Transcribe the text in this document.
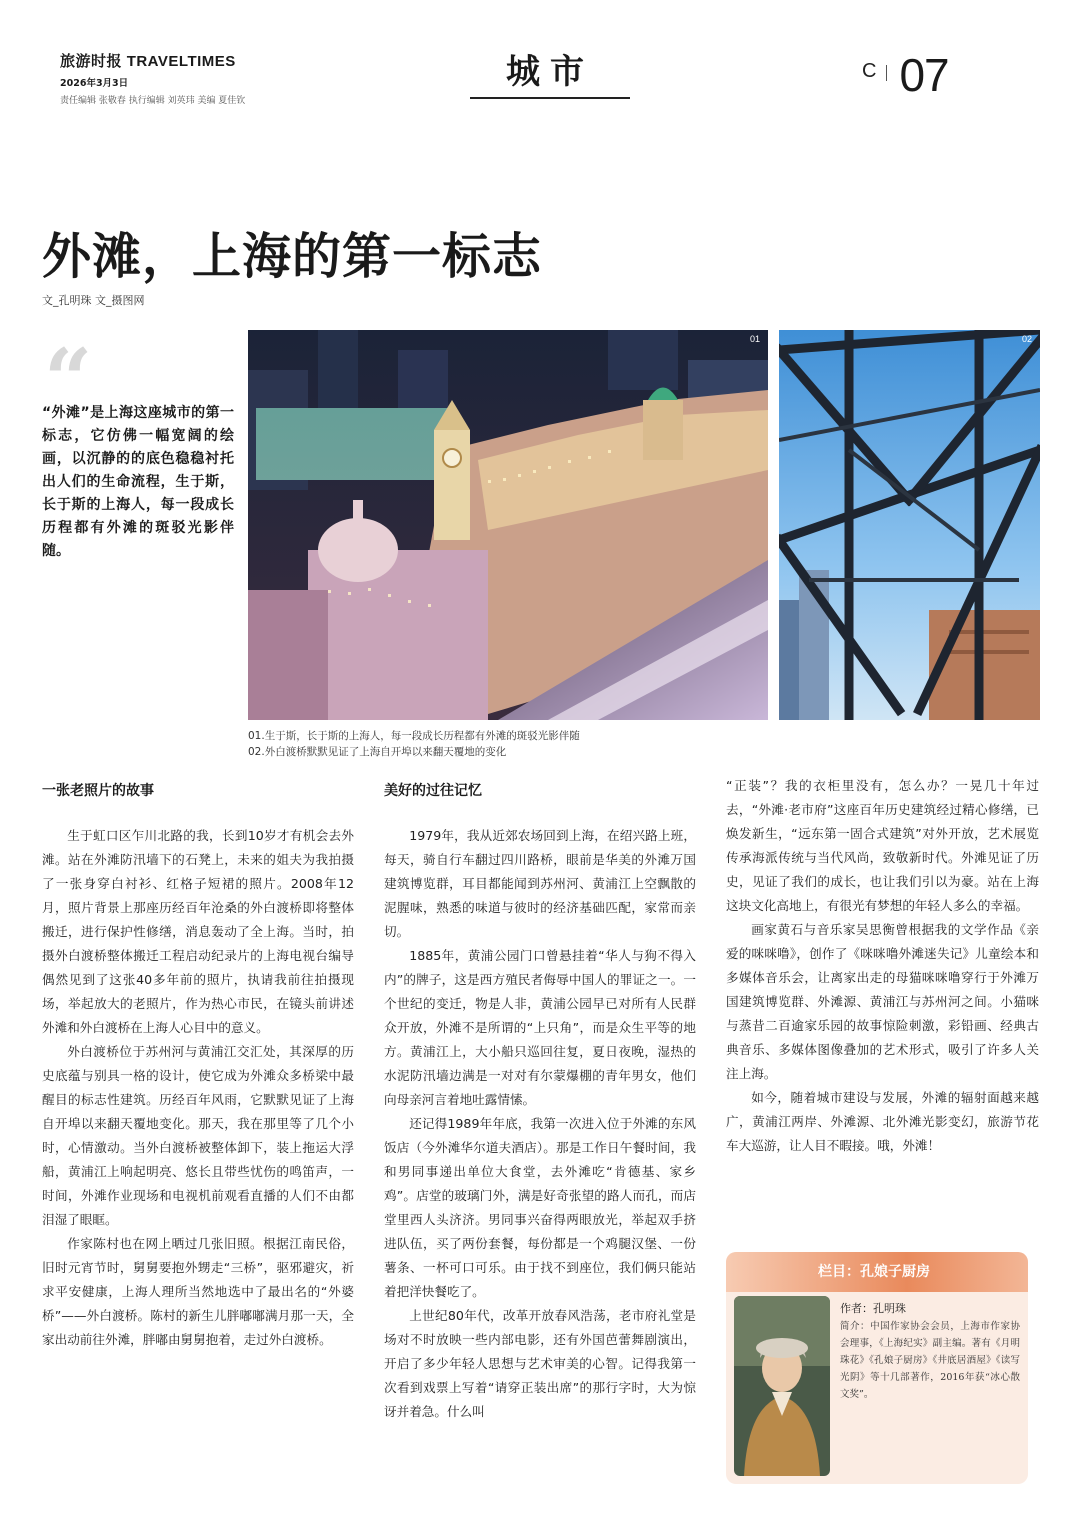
旅游时报 TRAVELTIMES
2026年3月3日
责任编辑 张敬春 执行编辑 刘英玮 美编 夏佳钦
城市	C 07
外滩，上海的第一标志
文_孔明珠 文_摄图网
“
“外滩”是上海这座城市的第一标志，它仿佛一幅宽阔的绘画，以沉静的的底色稳稳衬托出人们的生命流程，生于斯，长于斯的上海人，每一段成长历程都有外滩的斑驳光影伴随。
01	02
01.生于斯，长于斯的上海人，每一段成长历程都有外滩的斑驳光影伴随
02.外白渡桥默默见证了上海自开埠以来翻天覆地的变化
一张老照片的故事

生于虹口区乍川北路的我，长到10岁才有机会去外滩。站在外滩防汛墙下的石凳上，未来的姐夫为我拍摄了一张身穿白衬衫、红格子短裙的照片。2008年12月，照片背景上那座历经百年沧桑的外白渡桥即将整体搬迁，进行保护性修缮，消息轰动了全上海。当时，拍摄外白渡桥整体搬迁工程启动纪录片的上海电视台编导偶然见到了这张40多年前的照片，执请我前往拍摄现场，举起放大的老照片，作为热心市民，在镜头前讲述外滩和外白渡桥在上海人心目中的意义。

外白渡桥位于苏州河与黄浦江交汇处，其深厚的历史底蕴与别具一格的设计，使它成为外滩众多桥梁中最醒目的标志性建筑。历经百年风雨，它默默见证了上海自开埠以来翻天覆地变化。那天，我在那里等了几个小时，心情激动。当外白渡桥被整体卸下，装上拖运大浮船，黄浦江上响起明亮、悠长且带些忧伤的鸣笛声，一时间，外滩作业现场和电视机前观看直播的人们不由都泪湿了眼眶。

作家陈村也在网上晒过几张旧照。根据江南民俗，旧时元宵节时，舅舅要抱外甥走“三桥”，驱邪避灾，祈求平安健康，上海人理所当然地选中了最出名的“外婆桥”——外白渡桥。陈村的新生儿胖嘟嘟满月那一天，全家出动前往外滩，胖嘟由舅舅抱着，走过外白渡桥。

美好的过往记忆

1979年，我从近郊农场回到上海，在绍兴路上班，每天，骑自行车翻过四川路桥，眼前是华美的外滩万国建筑博览群，耳目都能闻到苏州河、黄浦江上空飘散的泥腥味，熟悉的味道与彼时的经济基础匹配，家常而亲切。

1885年，黄浦公园门口曾悬挂着“华人与狗不得入内”的牌子，这是西方殖民者侮辱中国人的罪证之一。一个世纪的变迁，物是人非，黄浦公园早已对所有人民群众开放，外滩不是所谓的“上只角”，而是众生平等的地方。黄浦江上，大小船只巡回往复，夏日夜晚，湿热的水泥防汛墙边满是一对对有尔蒙爆棚的青年男女，他们向母亲河言着地吐露情愫。

还记得1989年年底，我第一次进入位于外滩的东风饭店（今外滩华尔道夫酒店）。那是工作日午餐时间，我和男同事递出单位大食堂，去外滩吃“肯德基、家乡鸡”。店堂的玻璃门外，满是好奇张望的路人而孔，而店堂里西人头济济。男同事兴奋得两眼放光，举起双手挤进队伍，买了两份套餐，每份都是一个鸡腿汉堡、一份薯条、一杯可口可乐。由于找不到座位，我们俩只能站着把洋快餐吃了。

上世纪80年代，改革开放春风浩荡，老市府礼堂是场对不时放映一些内部电影，还有外国芭蕾舞剧演出，开启了多少年轻人思想与艺术审美的心智。记得我第一次看到戏票上写着“请穿正装出席”的那行字时，大为惊讶并着急。什么叫

“正装”？我的衣柜里没有，怎么办？一晃几十年过去，“外滩·老市府”这座百年历史建筑经过精心修缮，已焕发新生，“远东第一固合式建筑”对外开放，艺术展览传承海派传统与当代风尚，致敬新时代。外滩见证了历史，见证了我们的成长，也让我们引以为豪。站在上海这块文化高地上，有很光有梦想的年轻人多么的幸福。

画家黄石与音乐家吴思衡曾根据我的文学作品《亲爱的咪咪噜》，创作了《咪咪噜外滩迷失记》儿童绘本和多媒体音乐会，让离家出走的母猫咪咪噜穿行于外滩万国建筑博览群、外滩源、黄浦江与苏州河之间。小猫咪与蒸昔二百逾家乐园的故事惊险刺激，彩铅画、经典古典音乐、多媒体图像叠加的艺术形式，吸引了许多人关注上海。

如今，随着城市建设与发展，外滩的辐射面越来越广，黄浦江两岸、外滩源、北外滩光影变幻，旅游节花车大巡游，让人目不暇接。哦，外滩！

栏目：孔娘子厨房
作者：孔明珠
简介：中国作家协会会员，上海市作家协会理事，《上海纪实》副主编。著有《月明珠花》《孔娘子厨房》《井底居酒屋》《读写光阴》等十几部著作，2016年获“冰心散文奖”。
